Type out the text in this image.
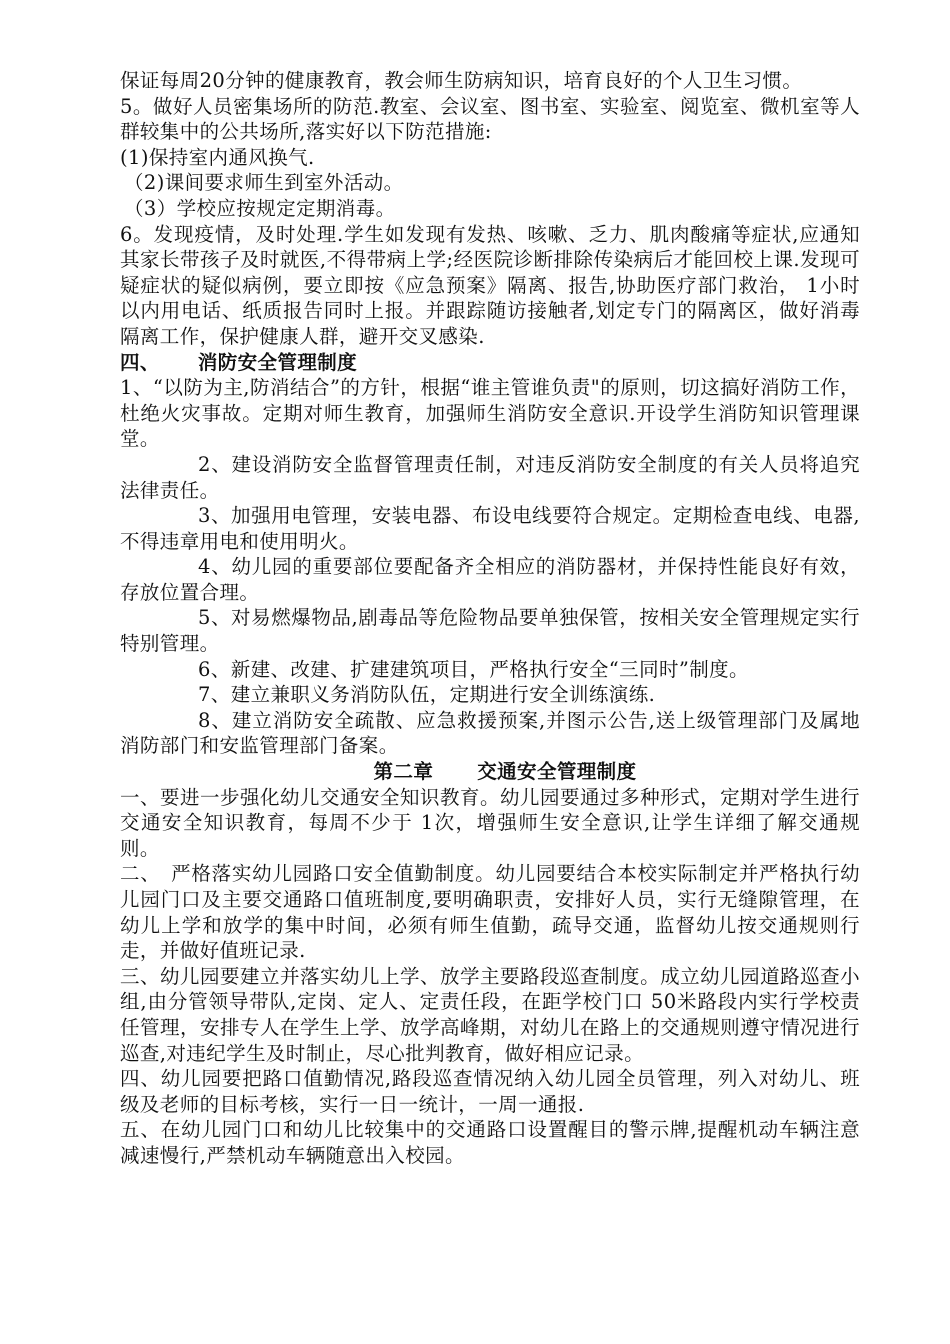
保证每周20分钟的健康教育，教会师生防病知识，培育良好的个人卫生习惯。

5。做好人员密集场所的防范.教室、会议室、图书室、实验室、阅览室、微机室等人群较集中的公共场所,落实好以下防范措施:

(1)保持室内通风换气.

（2)课间要求师生到室外活动。

（3）学校应按规定定期消毒。

6。发现疫情，及时处理.学生如发现有发热、咳嗽、乏力、肌肉酸痛等症状,应通知其家长带孩子及时就医,不得带病上学;经医院诊断排除传染病后才能回校上课.发现可疑症状的疑似病例，要立即按《应急预案》隔离、报告,协助医疗部门救治， 1小时以内用电话、纸质报告同时上报。并跟踪随访接触者,划定专门的隔离区，做好消毒隔离工作，保护健康人群，避开交叉感染.

四、 消防安全管理制度

1、“以防为主,防消结合”的方针，根据“谁主管谁负责"的原则，切这搞好消防工作，杜绝火灾事故。定期对师生教育，加强师生消防安全意识.开设学生消防知识管理课堂。

2、建设消防安全监督管理责任制，对违反消防安全制度的有关人员将追究法律责任。

3、加强用电管理，安装电器、布设电线要符合规定。定期检查电线、电器,不得违章用电和使用明火。

4、幼儿园的重要部位要配备齐全相应的消防器材，并保持性能良好有效，存放位置合理。

5、对易燃爆物品,剧毒品等危险物品要单独保管，按相关安全管理规定实行特别管理。

6、新建、改建、扩建建筑项目，严格执行安全“三同时”制度。

7、建立兼职义务消防队伍，定期进行安全训练演练.

8、建立消防安全疏散、应急救援预案,并图示公告,送上级管理部门及属地消防部门和安监管理部门备案。

第二章 交通安全管理制度

一、要进一步强化幼儿交通安全知识教育。幼儿园要通过多种形式，定期对学生进行交通安全知识教育，每周不少于 1次，增强师生安全意识,让学生详细了解交通规则。

二、　严格落实幼儿园路口安全值勤制度。幼儿园要结合本校实际制定并严格执行幼儿园门口及主要交通路口值班制度,要明确职责，安排好人员，实行无缝隙管理，在幼儿上学和放学的集中时间，必须有师生值勤，疏导交通，监督幼儿按交通规则行走，并做好值班记录.

三、幼儿园要建立并落实幼儿上学、放学主要路段巡查制度。成立幼儿园道路巡查小组,由分管领导带队,定岗、定人、定责任段，在距学校门口 50米路段内实行学校责任管理，安排专人在学生上学、放学高峰期，对幼儿在路上的交通规则遵守情况进行巡查,对违纪学生及时制止，尽心批判教育，做好相应记录。

四、幼儿园要把路口值勤情况,路段巡查情况纳入幼儿园全员管理，列入对幼儿、班级及老师的目标考核，实行一日一统计，一周一通报.

五、在幼儿园门口和幼儿比较集中的交通路口设置醒目的警示牌,提醒机动车辆注意减速慢行,严禁机动车辆随意出入校园。
